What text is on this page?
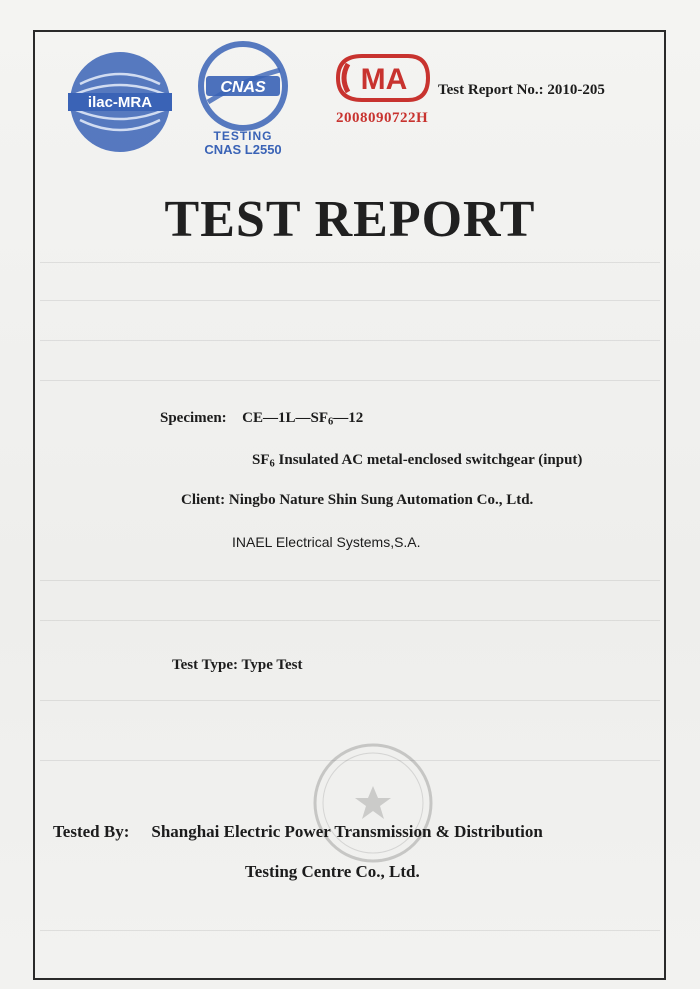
ilac-MRA
CNAS
TESTING
CNAS L2550
MA
2008090722H
Test Report No.: 2010-205
TEST REPORT
Specimen: $CE—1L—SF_6—12$
$SF_6$ Insulated AC metal-enclosed switchgear (input)
Client: Ningbo Nature Shin Sung Automation Co., Ltd.
INAEL Electrical Systems,S.A.
Test Type: Type Test
Tested By: Shanghai Electric Power Transmission & Distribution
Testing Centre Co., Ltd.
